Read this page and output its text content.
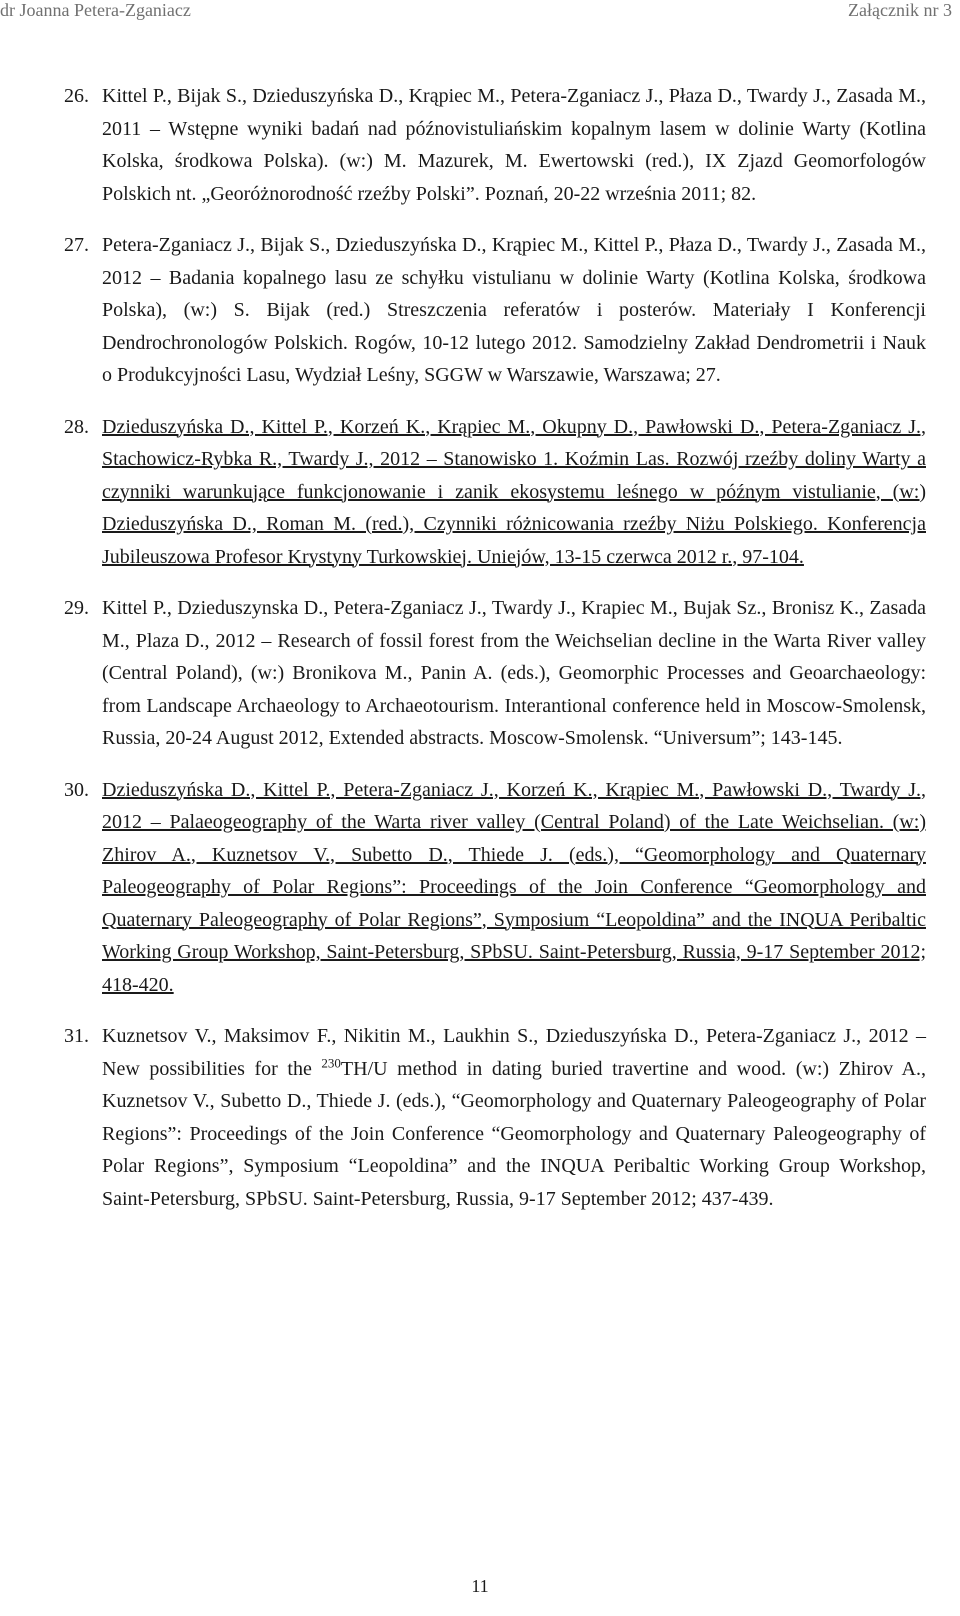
dr Joanna Petera-Zganiacz	Załącznik nr 3
26. Kittel P., Bijak S., Dzieduszyńska D., Krąpiec M., Petera-Zganiacz J., Płaza D., Twardy J., Zasada M., 2011 – Wstępne wyniki badań nad późnovistuliańskim kopalnym lasem w dolinie Warty (Kotlina Kolska, środkowa Polska). (w:) M. Mazurek, M. Ewertowski (red.), IX Zjazd Geomorfologów Polskich nt. „Georóżnorodność rzeźby Polski”. Poznań, 20-22 września 2011; 82.
27. Petera-Zganiacz J., Bijak S., Dzieduszyńska D., Krąpiec M., Kittel P., Płaza D., Twardy J., Zasada M., 2012 – Badania kopalnego lasu ze schyłku vistulianu w dolinie Warty (Kotlina Kolska, środkowa Polska), (w:) S. Bijak (red.) Streszczenia referatów i posterów. Materiały I Konferencji Dendrochronologów Polskich. Rogów, 10-12 lutego 2012. Samodzielny Zakład Dendrometrii i Nauk o Produkcyjności Lasu, Wydział Leśny, SGGW w Warszawie, Warszawa; 27.
28. Dzieduszyńska D., Kittel P., Korzeń K., Krąpiec M., Okupny D., Pawłowski D., Petera-Zganiacz J., Stachowicz-Rybka R., Twardy J., 2012 – Stanowisko 1. Koźmin Las. Rozwój rzeźby doliny Warty a czynniki warunkujące funkcjonowanie i zanik ekosystemu leśnego w późnym vistulianie, (w:) Dzieduszyńska D., Roman M. (red.), Czynniki różnicowania rzeźby Niżu Polskiego. Konferencja Jubileuszowa Profesor Krystyny Turkowskiej. Uniejów, 13-15 czerwca 2012 r., 97-104.
29. Kittel P., Dzieduszynska D., Petera-Zganiacz J., Twardy J., Krapiec M., Bujak Sz., Bronisz K., Zasada M., Plaza D., 2012 – Research of fossil forest from the Weichselian decline in the Warta River valley (Central Poland), (w:) Bronikova M., Panin A. (eds.), Geomorphic Processes and Geoarchaeology: from Landscape Archaeology to Archaeotourism. Interantional conference held in Moscow-Smolensk, Russia, 20-24 August 2012, Extended abstracts. Moscow-Smolensk. “Universum”; 143-145.
30. Dzieduszyńska D., Kittel P., Petera-Zganiacz J., Korzeń K., Krąpiec M., Pawłowski D., Twardy J., 2012 – Palaeogeography of the Warta river valley (Central Poland) of the Late Weichselian. (w:) Zhirov A., Kuznetsov V., Subetto D., Thiede J. (eds.), “Geomorphology and Quaternary Paleogeography of Polar Regions”: Proceedings of the Join Conference “Geomorphology and Quaternary Paleogeography of Polar Regions”, Symposium “Leopoldina” and the INQUA Peribaltic Working Group Workshop, Saint-Petersburg, SPbSU. Saint-Petersburg, Russia, 9-17 September 2012; 418-420.
31. Kuznetsov V., Maksimov F., Nikitin M., Laukhin S., Dzieduszyńska D., Petera-Zganiacz J., 2012 – New possibilities for the $^{230}$TH/U method in dating buried travertine and wood. (w:) Zhirov A., Kuznetsov V., Subetto D., Thiede J. (eds.), “Geomorphology and Quaternary Paleogeography of Polar Regions”: Proceedings of the Join Conference “Geomorphology and Quaternary Paleogeography of Polar Regions”, Symposium “Leopoldina” and the INQUA Peribaltic Working Group Workshop, Saint-Petersburg, SPbSU. Saint-Petersburg, Russia, 9-17 September 2012; 437-439.
11
